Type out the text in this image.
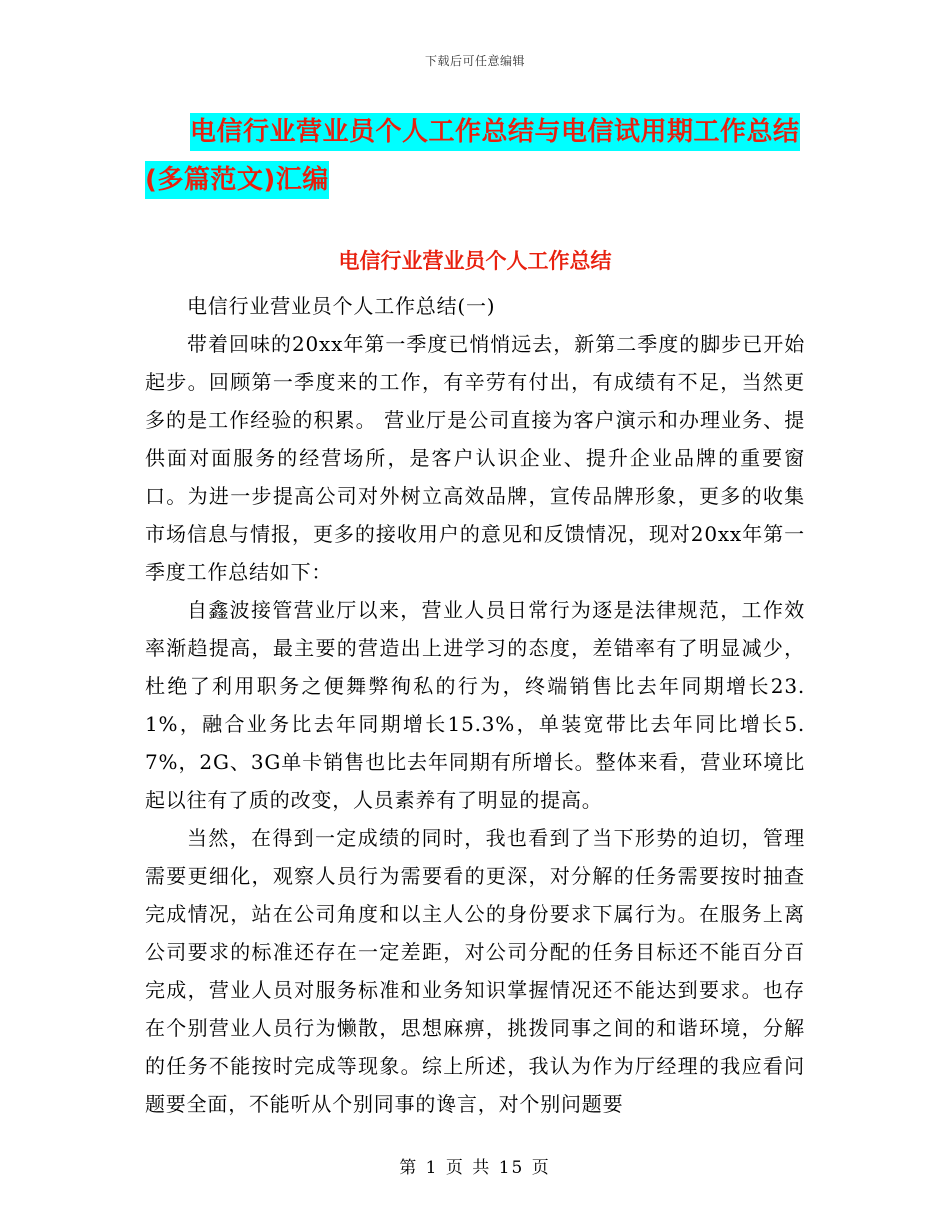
下载后可任意编辑
电信行业营业员个人工作总结与电信试用期工作总结(多篇范文)汇编
电信行业营业员个人工作总结

电信行业营业员个人工作总结(一)

带着回味的20xx年第一季度已悄悄远去，新第二季度的脚步已开始起步。回顾第一季度来的工作，有辛劳有付出，有成绩有不足，当然更多的是工作经验的积累。 营业厅是公司直接为客户演示和办理业务、提供面对面服务的经营场所，是客户认识企业、提升企业品牌的重要窗口。为进一步提高公司对外树立高效品牌，宣传品牌形象，更多的收集市场信息与情报，更多的接收用户的意见和反馈情况，现对20xx年第一季度工作总结如下：

自鑫波接管营业厅以来，营业人员日常行为逐是法律规范，工作效率渐趋提高，最主要的营造出上进学习的态度，差错率有了明显减少，杜绝了利用职务之便舞弊徇私的行为，终端销售比去年同期增长23.1%，融合业务比去年同期增长15.3%，单装宽带比去年同比增长5.7%，2G、3G单卡销售也比去年同期有所增长。整体来看，营业环境比起以往有了质的改变，人员素养有了明显的提高。

当然，在得到一定成绩的同时，我也看到了当下形势的迫切，管理需要更细化，观察人员行为需要看的更深，对分解的任务需要按时抽查完成情况，站在公司角度和以主人公的身份要求下属行为。在服务上离公司要求的标准还存在一定差距，对公司分配的任务目标还不能百分百完成，营业人员对服务标准和业务知识掌握情况还不能达到要求。也存在个别营业人员行为懒散，思想麻痹，挑拨同事之间的和谐环境，分解的任务不能按时完成等现象。综上所述，我认为作为厅经理的我应看问题要全面，不能听从个别同事的谗言，对个别问题要

第 1 页 共 15 页
